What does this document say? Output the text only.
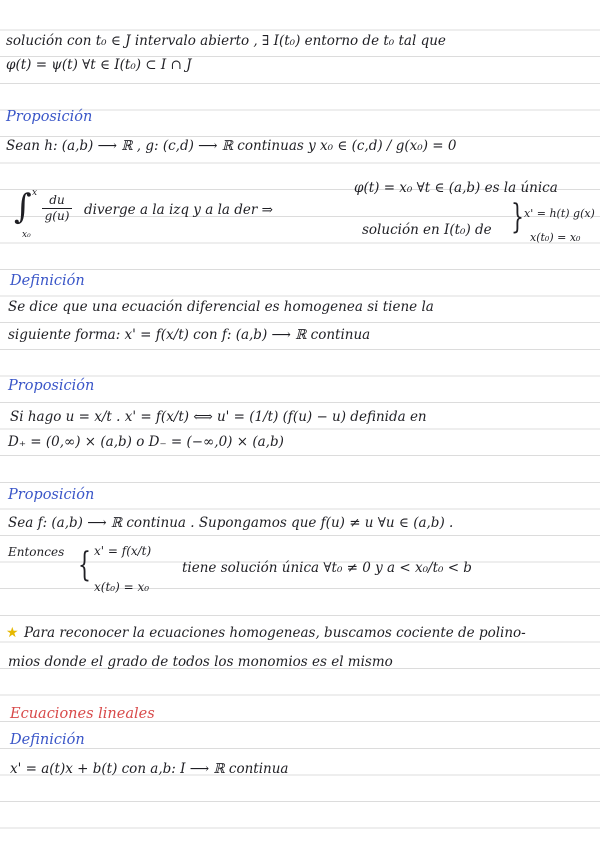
solución con t₀ ∈ J intervalo abierto , ∃ I(t₀) entorno de t₀ tal que
φ(t) = ψ(t) ∀t ∈ I(t₀) ⊂ I ∩ J
Proposición
Sean h: (a,b) ⟶ ℝ , g: (c,d) ⟶ ℝ continuas y x₀ ∈ (c,d) / g(x₀) = 0
∫ x
x₀
du
g(u) diverge a la izq y a la der ⇒
φ(t) = x₀ ∀t ∈ (a,b) es la única
solución en I(t₀) de } x' = h(t) g(x)
x(t₀) = x₀
Definición
Se dice que una ecuación diferencial es homogenea si tiene la
siguiente forma: x' = f(x/t) con f: (a,b) ⟶ ℝ continua
Proposición
Si hago u = x/t . x' = f(x/t) ⟺ u' = (1/t) (f(u) − u) definida en
D₊ = (0,∞) × (a,b) o D₋ = (−∞,0) × (a,b)
Proposición
Sea f: (a,b) ⟶ ℝ continua . Supongamos que f(u) ≠ u ∀u ∈ (a,b) .
Entonces { x' = f(x/t)
x(t₀) = x₀
tiene solución única ∀t₀ ≠ 0 y a < x₀/t₀ < b
★ Para reconocer la ecuaciones homogeneas, buscamos cociente de polino-
mios donde el grado de todos los monomios es el mismo
Ecuaciones lineales
Definición
x' = a(t)x + b(t) con a,b: I ⟶ ℝ continua
